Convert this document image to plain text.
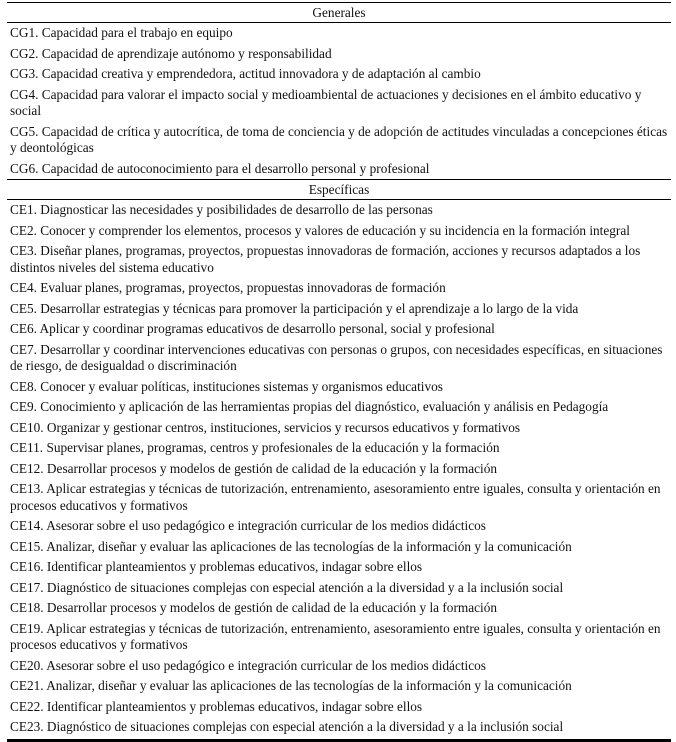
Generales
CG1. Capacidad para el trabajo en equipo
CG2. Capacidad de aprendizaje autónomo y responsabilidad
CG3. Capacidad creativa y emprendedora, actitud innovadora y de adaptación al cambio
CG4. Capacidad para valorar el impacto social y medioambiental de actuaciones y decisiones en el ámbito educativo y social
CG5. Capacidad de crítica y autocrítica, de toma de conciencia y de adopción de actitudes vinculadas a concepciones éticas y deontológicas
CG6. Capacidad de autoconocimiento para el desarrollo personal y profesional
Específicas
CE1. Diagnosticar las necesidades y posibilidades de desarrollo de las personas
CE2. Conocer y comprender los elementos, procesos y valores de educación y su incidencia en la formación integral
CE3. Diseñar planes, programas, proyectos, propuestas innovadoras de formación, acciones y recursos adaptados a los distintos niveles del sistema educativo
CE4. Evaluar planes, programas, proyectos, propuestas innovadoras de formación
CE5. Desarrollar estrategias y técnicas para promover la participación y el aprendizaje a lo largo de la vida
CE6. Aplicar y coordinar programas educativos de desarrollo personal, social y profesional
CE7. Desarrollar y coordinar intervenciones educativas con personas o grupos, con necesidades específicas, en situaciones de riesgo, de desigualdad o discriminación
CE8. Conocer y evaluar políticas, instituciones sistemas y organismos educativos
CE9. Conocimiento y aplicación de las herramientas propias del diagnóstico, evaluación y análisis en Pedagogía
CE10. Organizar y gestionar centros, instituciones, servicios y recursos educativos y formativos
CE11. Supervisar planes, programas, centros y profesionales de la educación y la formación
CE12. Desarrollar procesos y modelos de gestión de calidad de la educación y la formación
CE13. Aplicar estrategias y técnicas de tutorización, entrenamiento, asesoramiento entre iguales, consulta y orientación en procesos educativos y formativos
CE14. Asesorar sobre el uso pedagógico e integración curricular de los medios didácticos
CE15. Analizar, diseñar y evaluar las aplicaciones de las tecnologías de la información y la comunicación
CE16. Identificar planteamientos y problemas educativos, indagar sobre ellos
CE17. Diagnóstico de situaciones complejas con especial atención a la diversidad y a la inclusión social
CE18. Desarrollar procesos y modelos de gestión de calidad de la educación y la formación
CE19. Aplicar estrategias y técnicas de tutorización, entrenamiento, asesoramiento entre iguales, consulta y orientación en procesos educativos y formativos
CE20. Asesorar sobre el uso pedagógico e integración curricular de los medios didácticos
CE21. Analizar, diseñar y evaluar las aplicaciones de las tecnologías de la información y la comunicación
CE22. Identificar planteamientos y problemas educativos, indagar sobre ellos
CE23. Diagnóstico de situaciones complejas con especial atención a la diversidad y a la inclusión social
